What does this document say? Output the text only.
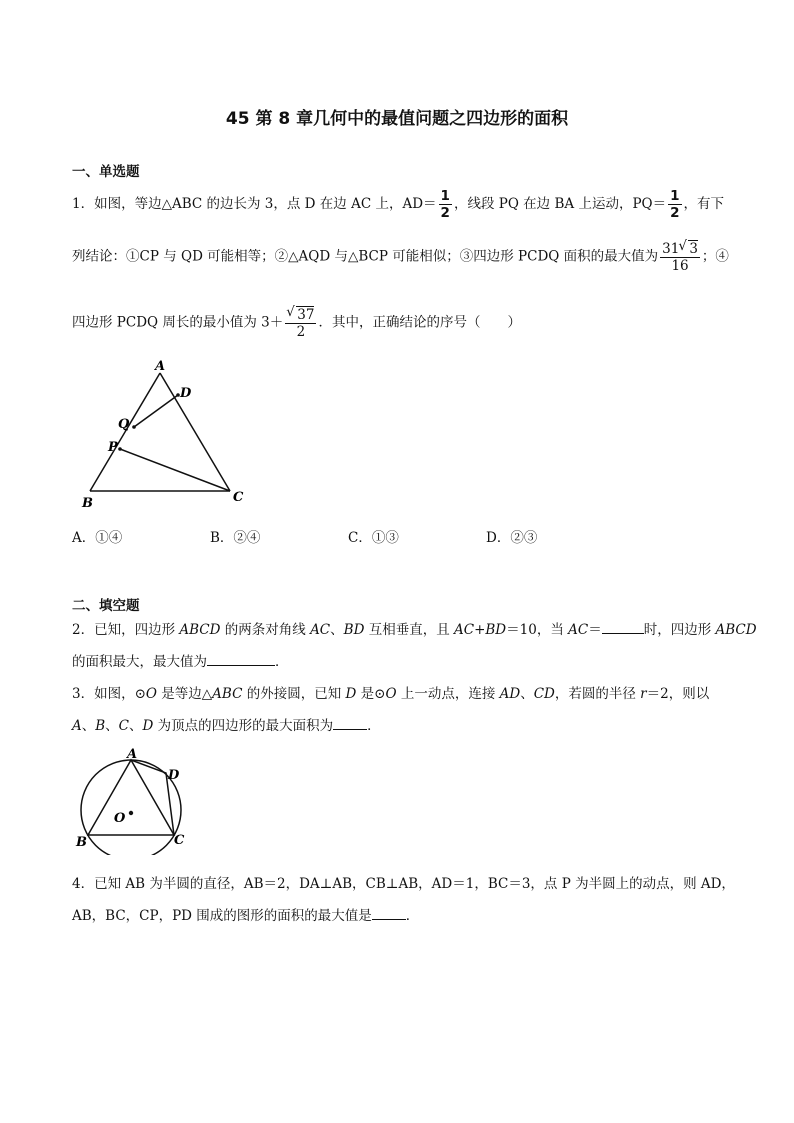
45 第 8 章几何中的最值问题之四边形的面积
一、单选题
1．如图，等边△ABC 的边长为 3，点 D 在边 AC 上，$AD= \frac{1}{2}$ ，线段 PQ 在边 BA 上运动，$PQ= \frac{1}{2}$ ，有下
列结论：①CP 与 QD 可能相等；②△AQD 与△BCP 可能相似；③四边形 PCDQ 面积的最大值为 $\frac{31 √ 3}{16}$ ；④
四边形 PCDQ 周长的最小值为 3＋ √ $\frac{37}{2}$ ．其中，正确结论的序号（　　）
A
D
Q
P
B	C
A．①④	B．②④	C．①③	D．②③
二、填空题
2．已知，四边形 ABCD 的两条对角线 AC、BD 互相垂直，且 AC+BD＝10，当 AC＝	时，四边形 ABCD
的面积最大，最大值为	．
3．如图，⊙O 是等边△ABC 的外接圆，已知 D 是⊙O 上一动点，连接 AD、CD，若圆的半径 r＝2，则以
A、B、C、D 为顶点的四边形的最大面积为	．
A
D
O
B	C
4．已知 AB 为半圆的直径，AB＝2，DA⊥AB，CB⊥AB，AD＝1，BC＝3，点 P 为半圆上的动点，则 AD，
AB，BC，CP，PD 围成的图形的面积的最大值是	．
